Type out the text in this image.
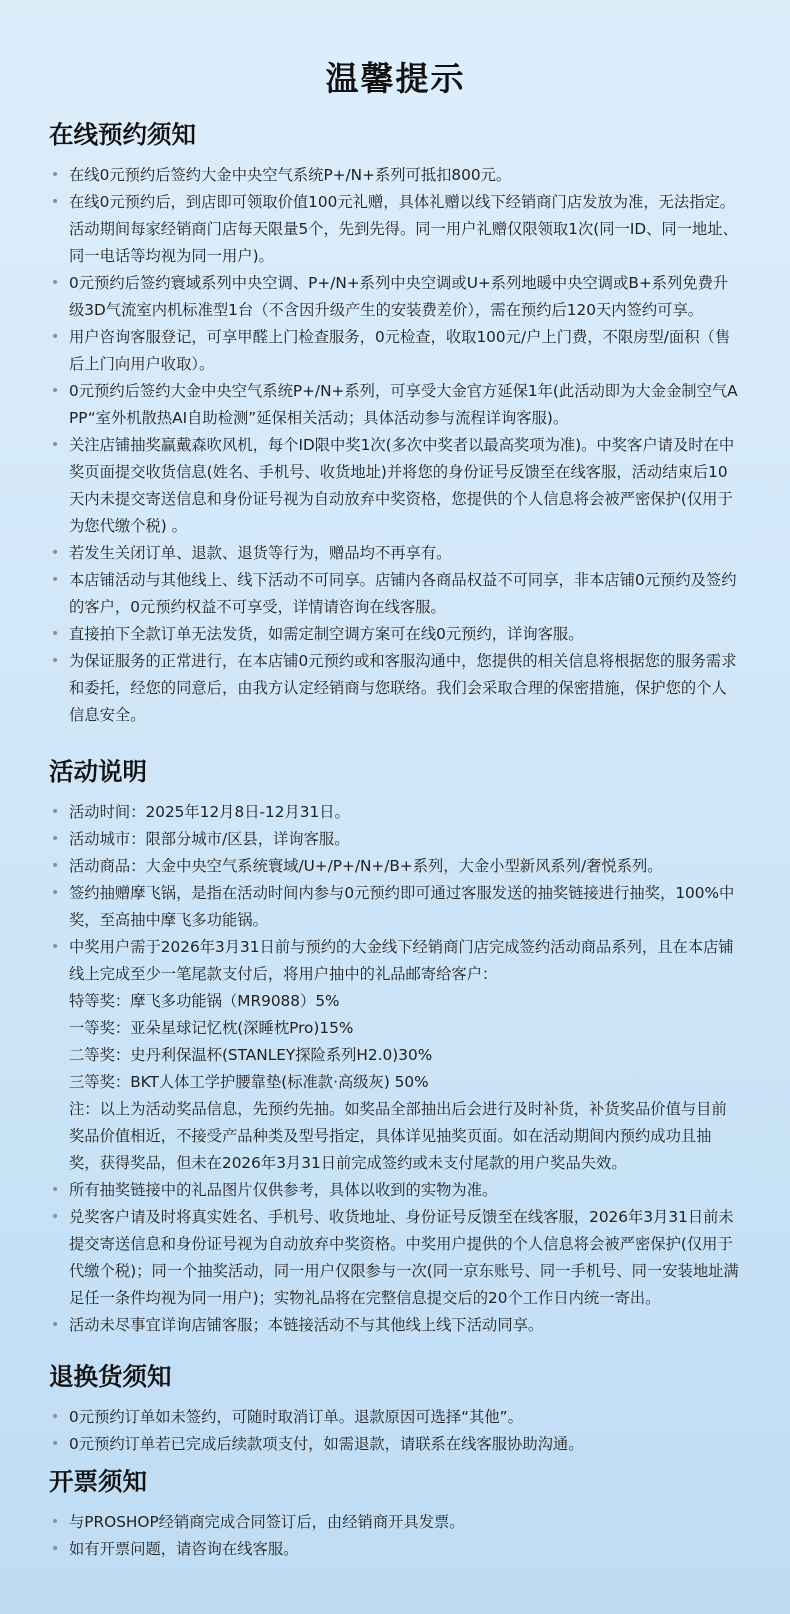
温馨提示
在线预约须知
• 在线0元预约后签约大金中央空气系统P+/N+系列可抵扣800元。
• 在线0元预约后，到店即可领取价值100元礼赠，具体礼赠以线下经销商门店发放为准，无法指定。活动期间每家经销商门店每天限量5个，先到先得。同一用户礼赠仅限领取1次(同一ID、同一地址、同一电话等均视为同一用户)。
• 0元预约后签约寰域系列中央空调、P+/N+系列中央空调或U+系列地暖中央空调或B+系列免费升级3D气流室内机标准型1台（不含因升级产生的安装费差价），需在预约后120天内签约可享。
• 用户咨询客服登记，可享甲醛上门检查服务，0元检查，收取100元/户上门费，不限房型/面积（售后上门向用户收取）。
• 0元预约后签约大金中央空气系统P+/N+系列，可享受大金官方延保1年(此活动即为大金金制空气APP“室外机散热AI自助检测”延保相关活动；具体活动参与流程详询客服)。
• 关注店铺抽奖赢戴森吹风机，每个ID限中奖1次(多次中奖者以最高奖项为准)。中奖客户请及时在中奖页面提交收货信息(姓名、手机号、收货地址)并将您的身份证号反馈至在线客服，活动结束后10天内未提交寄送信息和身份证号视为自动放弃中奖资格，您提供的个人信息将会被严密保护(仅用于为您代缴个税) 。
• 若发生关闭订单、退款、退货等行为，赠品均不再享有。
• 本店铺活动与其他线上、线下活动不可同享。店铺内各商品权益不可同享，非本店铺0元预约及签约的客户，0元预约权益不可享受，详情请咨询在线客服。
• 直接拍下全款订单无法发货，如需定制空调方案可在线0元预约，详询客服。
• 为保证服务的正常进行，在本店铺0元预约或和客服沟通中，您提供的相关信息将根据您的服务需求和委托，经您的同意后，由我方认定经销商与您联络。我们会采取合理的保密措施，保护您的个人信息安全。
活动说明
• 活动时间：2025年12月8日-12月31日。
• 活动城市：限部分城市/区县，详询客服。
• 活动商品：大金中央空气系统寰域/U+/P+/N+/B+系列，大金小型新风系列/奢悦系列。
• 签约抽赠摩飞锅，是指在活动时间内参与0元预约即可通过客服发送的抽奖链接进行抽奖，100%中奖，至高抽中摩飞多功能锅。
• 中奖用户需于2026年3月31日前与预约的大金线下经销商门店完成签约活动商品系列，且在本店铺线上完成至少一笔尾款支付后，将用户抽中的礼品邮寄给客户：
特等奖：摩飞多功能锅（MR9088）5%
一等奖：亚朵星球记忆枕(深睡枕Pro)15%
二等奖：史丹利保温杯(STANLEY探险系列H2.0)30%
三等奖：BKT人体工学护腰靠垫(标准款·高级灰) 50%
注：以上为活动奖品信息，先预约先抽。如奖品全部抽出后会进行及时补货，补货奖品价值与目前奖品价值相近，不接受产品种类及型号指定，具体详见抽奖页面。如在活动期间内预约成功且抽奖，获得奖品，但未在2026年3月31日前完成签约或未支付尾款的用户奖品失效。
• 所有抽奖链接中的礼品图片仅供参考，具体以收到的实物为准。
• 兑奖客户请及时将真实姓名、手机号、收货地址、身份证号反馈至在线客服，2026年3月31日前未提交寄送信息和身份证号视为自动放弃中奖资格。中奖用户提供的个人信息将会被严密保护(仅用于代缴个税)；同一个抽奖活动，同一用户仅限参与一次(同一京东账号、同一手机号、同一安装地址满足任一条件均视为同一用户)；实物礼品将在完整信息提交后的20个工作日内统一寄出。
• 活动未尽事宜详询店铺客服；本链接活动不与其他线上线下活动同享。
退换货须知
• 0元预约订单如未签约，可随时取消订单。退款原因可选择“其他”。
• 0元预约订单若已完成后续款项支付，如需退款，请联系在线客服协助沟通。
开票须知
• 与PROSHOP经销商完成合同签订后，由经销商开具发票。
• 如有开票问题，请咨询在线客服。
